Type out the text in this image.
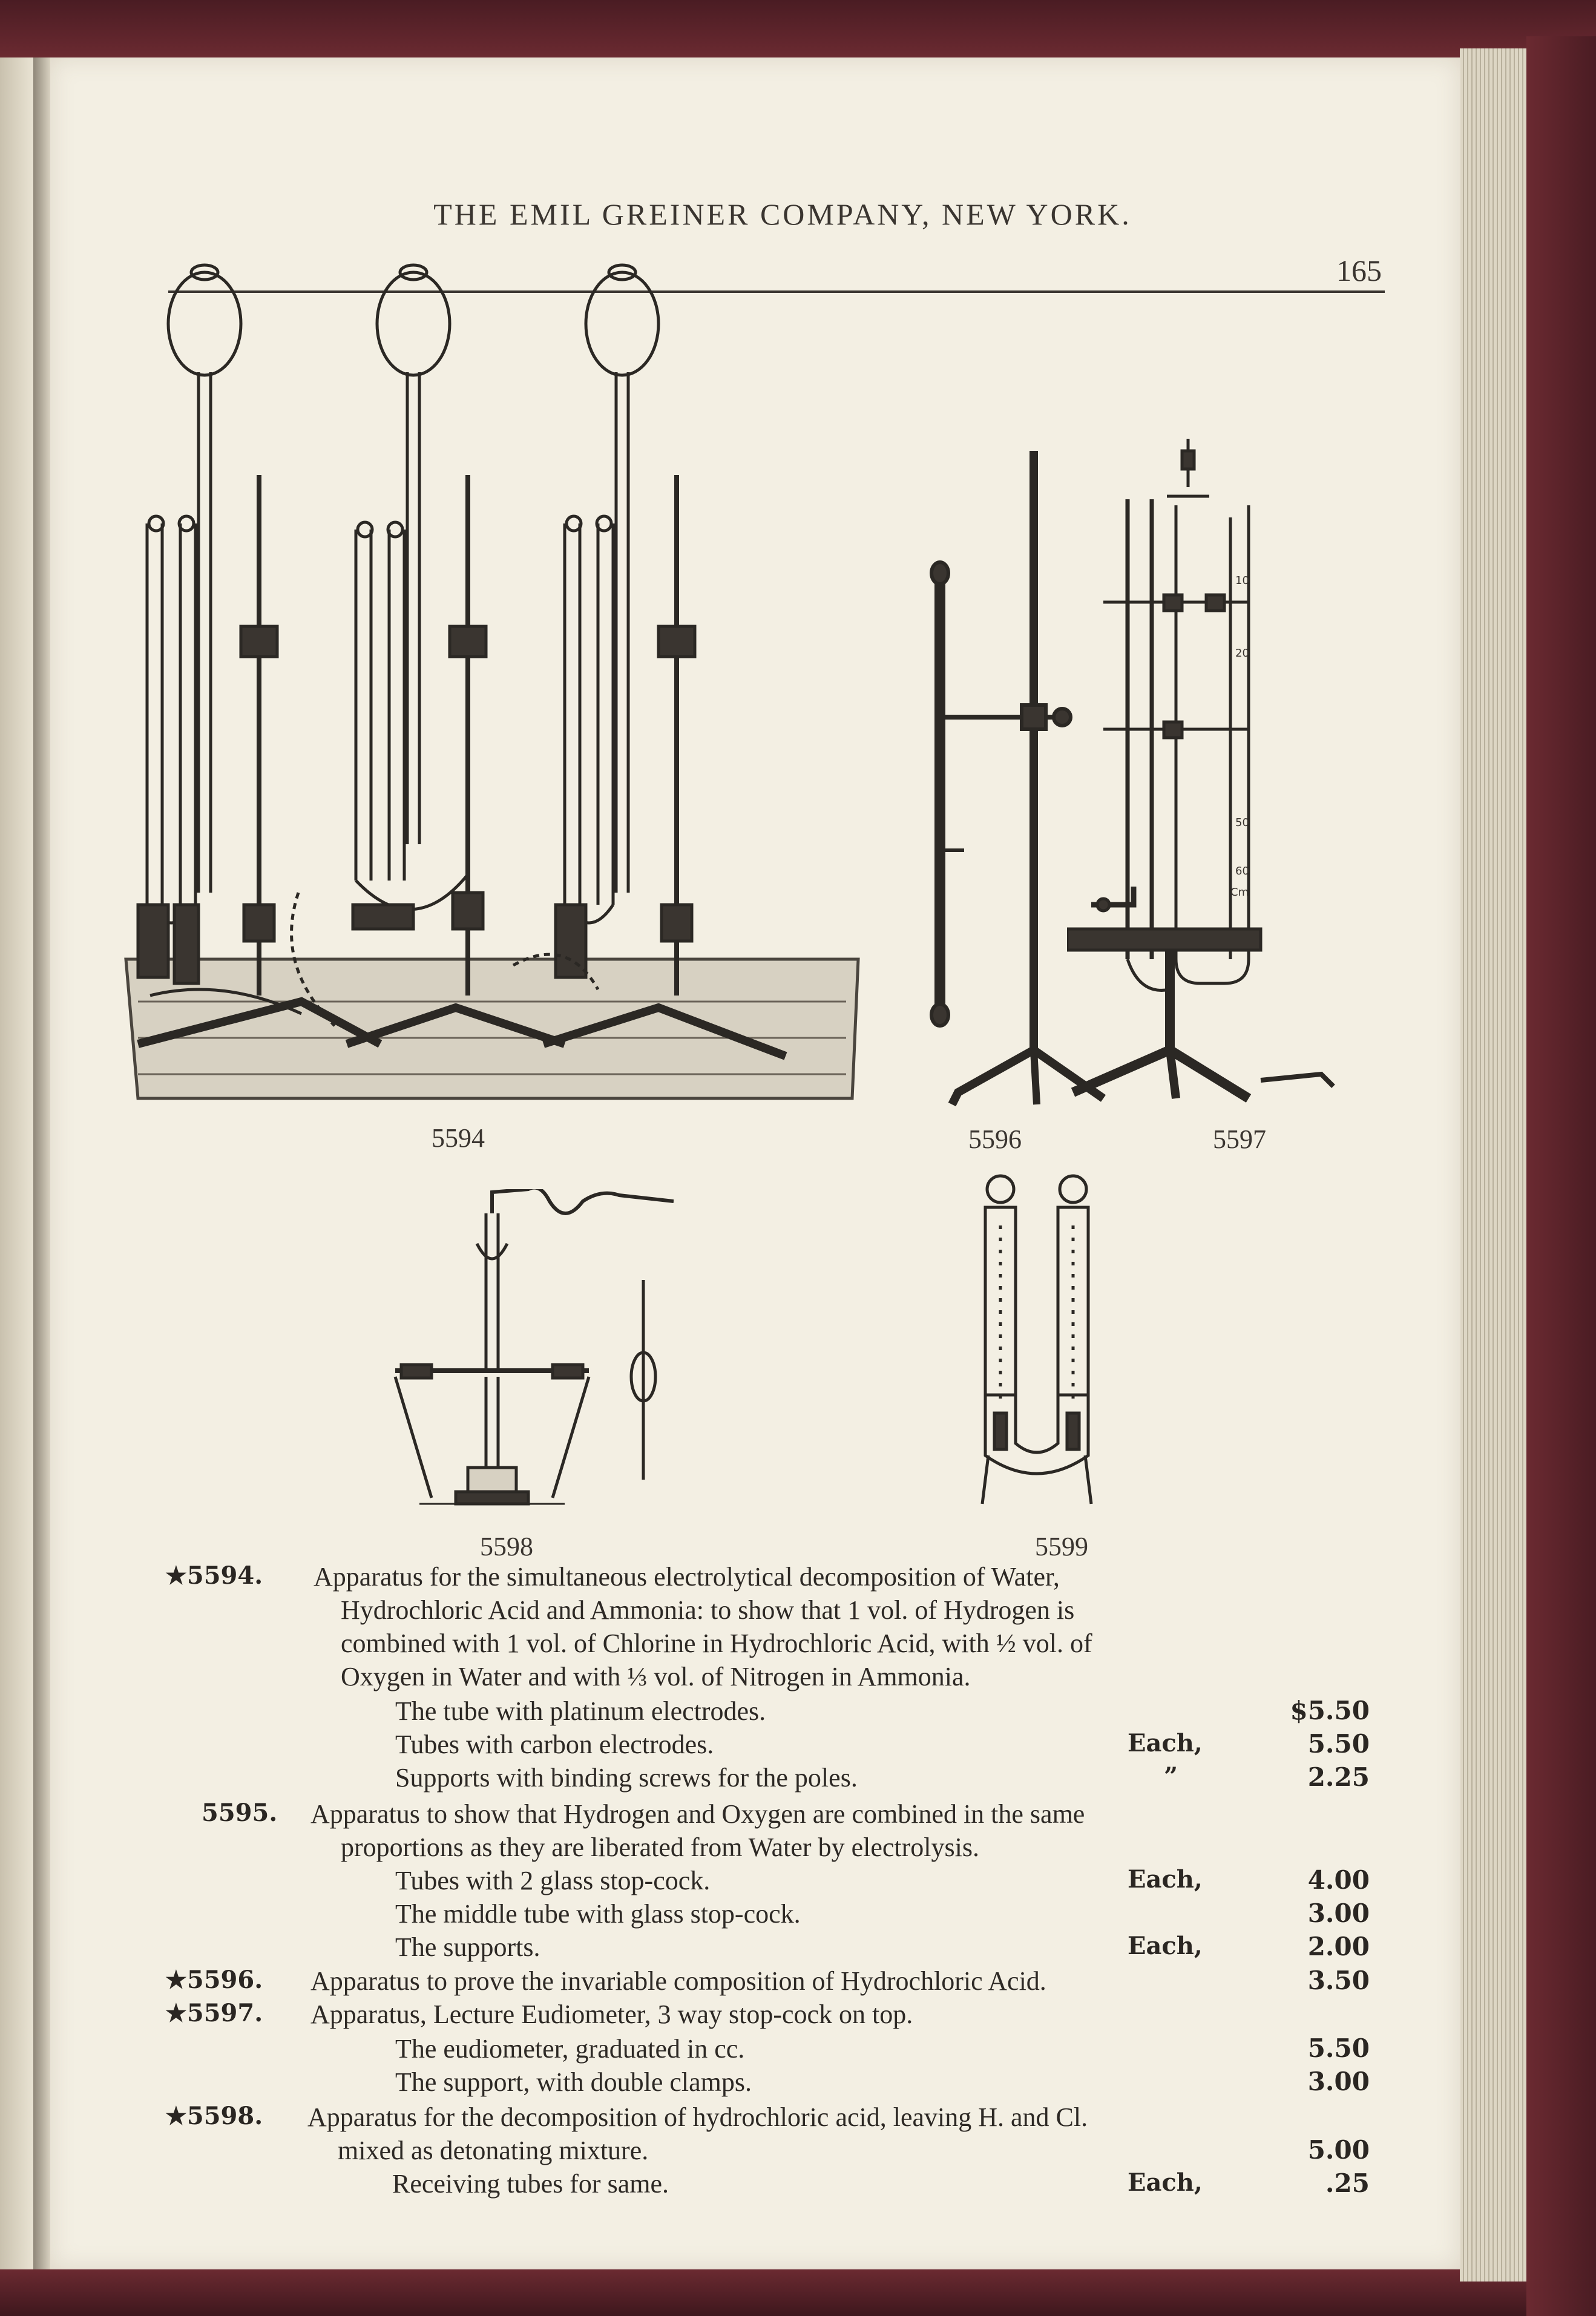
THE EMIL GREINER COMPANY, NEW YORK.
165
5594	5596
10
20
50
60
Cm
5597
5598	5599
★5594. Apparatus for the simultaneous electrolytical decomposition of Water,
Hydrochloric Acid and Ammonia: to show that 1 vol. of Hydrogen is
combined with 1 vol. of Chlorine in Hydrochloric Acid, with ½ vol. of
Oxygen in Water and with ⅓ vol. of Nitrogen in Ammonia.
The tube with platinum electrodes.	$5.50
Tubes with carbon electrodes.	Each,	5.50
Supports with binding screws for the poles.	”	2.25
5595. Apparatus to show that Hydrogen and Oxygen are combined in the same
proportions as they are liberated from Water by electrolysis.
Tubes with 2 glass stop-cock.	Each,	4.00
The middle tube with glass stop-cock.	3.00
The supports.	Each,	2.00
★5596. Apparatus to prove the invariable composition of Hydrochloric Acid.	3.50
★5597. Apparatus, Lecture Eudiometer, 3 way stop-cock on top.
The eudiometer, graduated in cc.	5.50
The support, with double clamps.	3.00
★5598. Apparatus for the decomposition of hydrochloric acid, leaving H. and Cl.
mixed as detonating mixture.	5.00
Receiving tubes for same.	Each,	.25
